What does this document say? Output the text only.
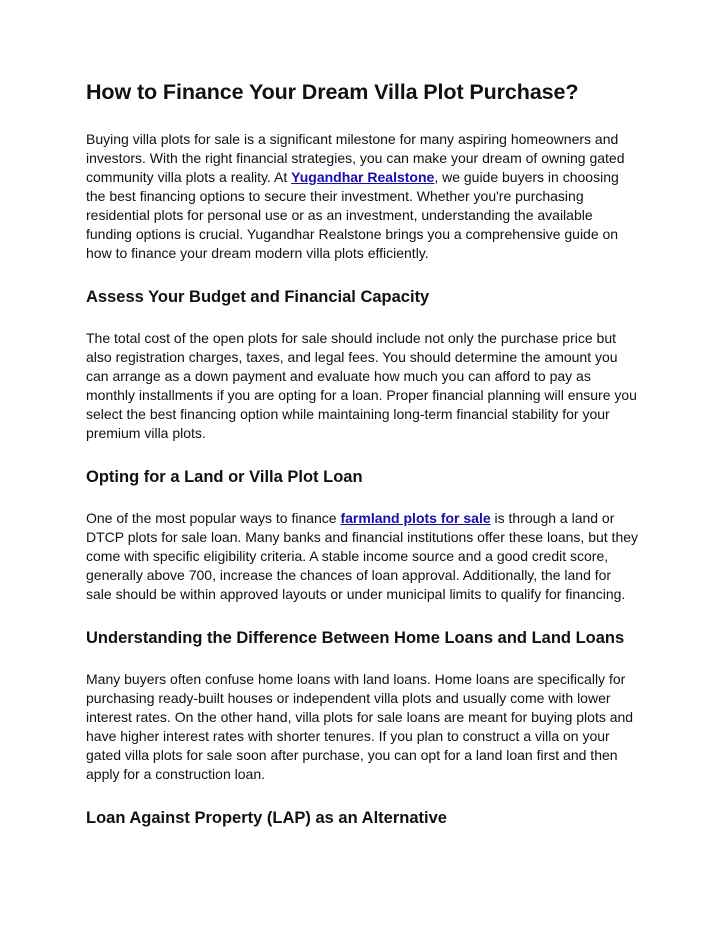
How to Finance Your Dream Villa Plot Purchase?

Buying villa plots for sale is a significant milestone for many aspiring homeowners and investors. With the right financial strategies, you can make your dream of owning gated community villa plots a reality. At Yugandhar Realstone, we guide buyers in choosing the best financing options to secure their investment. Whether you're purchasing residential plots for personal use or as an investment, understanding the available funding options is crucial. Yugandhar Realstone brings you a comprehensive guide on how to finance your dream modern villa plots efficiently.

Assess Your Budget and Financial Capacity

The total cost of the open plots for sale should include not only the purchase price but also registration charges, taxes, and legal fees. You should determine the amount you can arrange as a down payment and evaluate how much you can afford to pay as monthly installments if you are opting for a loan. Proper financial planning will ensure you select the best financing option while maintaining long-term financial stability for your premium villa plots.

Opting for a Land or Villa Plot Loan

One of the most popular ways to finance farmland plots for sale is through a land or DTCP plots for sale loan. Many banks and financial institutions offer these loans, but they come with specific eligibility criteria. A stable income source and a good credit score, generally above 700, increase the chances of loan approval. Additionally, the land for sale should be within approved layouts or under municipal limits to qualify for financing.

Understanding the Difference Between Home Loans and Land Loans

Many buyers often confuse home loans with land loans. Home loans are specifically for purchasing ready-built houses or independent villa plots and usually come with lower interest rates. On the other hand, villa plots for sale loans are meant for buying plots and have higher interest rates with shorter tenures. If you plan to construct a villa on your gated villa plots for sale soon after purchase, you can opt for a land loan first and then apply for a construction loan.

Loan Against Property (LAP) as an Alternative
